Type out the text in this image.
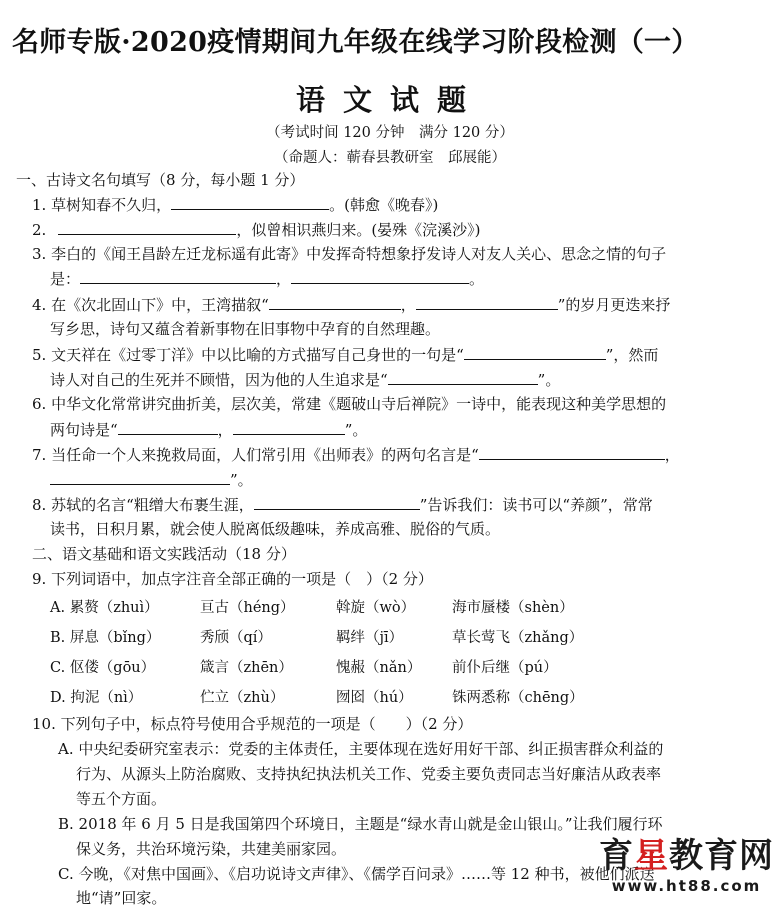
名师专版·2020疫情期间九年级在线学习阶段检测（一）
语文试题
（考试时间 120 分钟　满分 120 分）
（命题人：蕲春县教研室　邱展能）
一、古诗文名句填写（8 分，每小题 1 分）
1. 草树知春不久归，	。(韩愈《晚春》)
2.	，似曾相识燕归来。(晏殊《浣溪沙》)
3. 李白的《闻王昌龄左迁龙标遥有此寄》中发挥奇特想象抒发诗人对友人关心、思念之情的句子
是：	，	。
4. 在《次北固山下》中，王湾描叙“	，	”的岁月更迭来抒
写乡思，诗句又蕴含着新事物在旧事物中孕育的自然理趣。
5. 文天祥在《过零丁洋》中以比喻的方式描写自己身世的一句是“	”，然而
诗人对自己的生死并不顾惜，因为他的人生追求是“	”。
6. 中华文化常常讲究曲折美，层次美，常建《题破山寺后禅院》一诗中，能表现这种美学思想的
两句诗是“	，	”。
7. 当任命一个人来挽救局面，人们常引用《出师表》的两句名言是“	，
”。
8. 苏轼的名言“粗缯大布裹生涯，	”告诉我们：读书可以“养颜”，常常
读书，日积月累，就会使人脱离低级趣味，养成高雅、脱俗的气质。
二、语文基础和语文实践活动（18 分）
9. 下列词语中，加点字注音全部正确的一项是（　）（2 分）
A. 累赘（zhuì）	亘古（héng）	斡旋（wò）	海市蜃楼（shèn）
B. 屏息（bǐng）	秀颀（qí）	羁绊（jī）	草长莺飞（zhǎng）
C. 伛偻（gōu）	箴言（zhēn）	愧赧（nǎn） 前仆后继（pú）
D. 拘泥（nì）	伫立（zhù）	囫囵（hú）	铢两悉称（chēng）
10. 下列句子中，标点符号使用合乎规范的一项是（　　）（2 分）
A. 中央纪委研究室表示：党委的主体责任，主要体现在选好用好干部、纠正损害群众利益的
行为、从源头上防治腐败、支持执纪执法机关工作、党委主要负责同志当好廉洁从政表率
等五个方面。
B. 2018 年 6 月 5 日是我国第四个环境日，主题是“绿水青山就是金山银山。”让我们履行环
保义务，共治环境污染，共建美丽家园。
C. 今晚，《对焦中国画》、《启功说诗文声律》、《儒学百问录》……等 12 种书，被他们派送
地“请”回家。
育星教育网
www.ht88.com
